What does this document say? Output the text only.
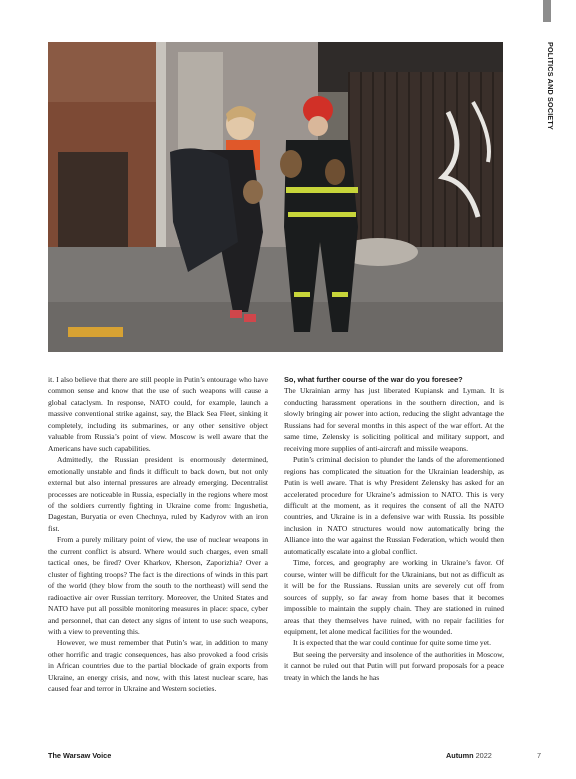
POLITICS AND SOCIETY

it. I also believe that there are still people in Putin’s entourage who have common sense and know that the use of such weapons will cause a global cataclysm. In response, NATO could, for example, launch a massive conventional strike against, say, the Black Sea Fleet, sinking it completely, including its submarines, or any other sensitive object valuable from Russia’s point of view. Moscow is well aware that the Americans have such capabilities.

Admittedly, the Russian president is enormously determined, emotionally unstable and finds it difficult to back down, but not only external but also internal pressures are already emerging. Decentralist processes are noticeable in Russia, especially in the regions where most of the soldiers currently fighting in Ukraine come from: Ingushetia, Dagestan, Buryatia or even Chechnya, ruled by Kadyrov with an iron fist.

From a purely military point of view, the use of nuclear weapons in the current conflict is absurd. Where would such charges, even small tactical ones, be fired? Over Kharkov, Kherson, Zaporizhia? Over a cluster of fighting troops? The fact is the directions of winds in this part of the world (they blow from the south to the northeast) will send the radioactive air over Russian territory. Moreover, the United States and NATO have put all possible monitoring measures in place: space, cyber and personnel, that can detect any signs of intent to use such weapons, with a view to preventing this.

However, we must remember that Putin’s war, in addition to many other horrific and tragic consequences, has also provoked a food crisis in African countries due to the partial blockade of grain exports from Ukraine, an energy crisis, and now, with this latest nuclear scare, has caused fear and terror in Ukraine and Western societies.

So, what further course of the war do you foresee?

The Ukrainian army has just liberated Kupiansk and Lyman. It is conducting harassment operations in the southern direction, and is slowly bringing air power into action, reducing the slight advantage the Russians had for several months in this aspect of the war effort. At the same time, Zelensky is soliciting political and military support, and receiving more supplies of anti-aircraft and missile weapons.

Putin’s criminal decision to plunder the lands of the aforementioned regions has complicated the situation for the Ukrainian leadership, as Putin is well aware. That is why President Zelensky has asked for an accelerated procedure for Ukraine’s admission to NATO. This is very difficult at the moment, as it requires the consent of all the NATO countries, and Ukraine is in a defensive war with Russia. Its possible inclusion in NATO structures would now automatically bring the Alliance into the war against the Russian Federation, which would then automatically escalate into a global conflict.

Time, forces, and geography are working in Ukraine’s favor. Of course, winter will be difficult for the Ukrainians, but not as difficult as it will be for the Russians. Russian units are severely cut off from sources of supply, so far away from home bases that it becomes impossible to maintain the supply chain. They are stationed in ruined areas that they themselves have ruined, with no repair facilities for equipment, let alone medical facilities for the wounded.

It is expected that the war could continue for quite some time yet.

But seeing the perversity and insolence of the authorities in Moscow, it cannot be ruled out that Putin will put forward proposals for a peace treaty in which the lands he has

The Warsaw Voice	Autumn 2022	7
